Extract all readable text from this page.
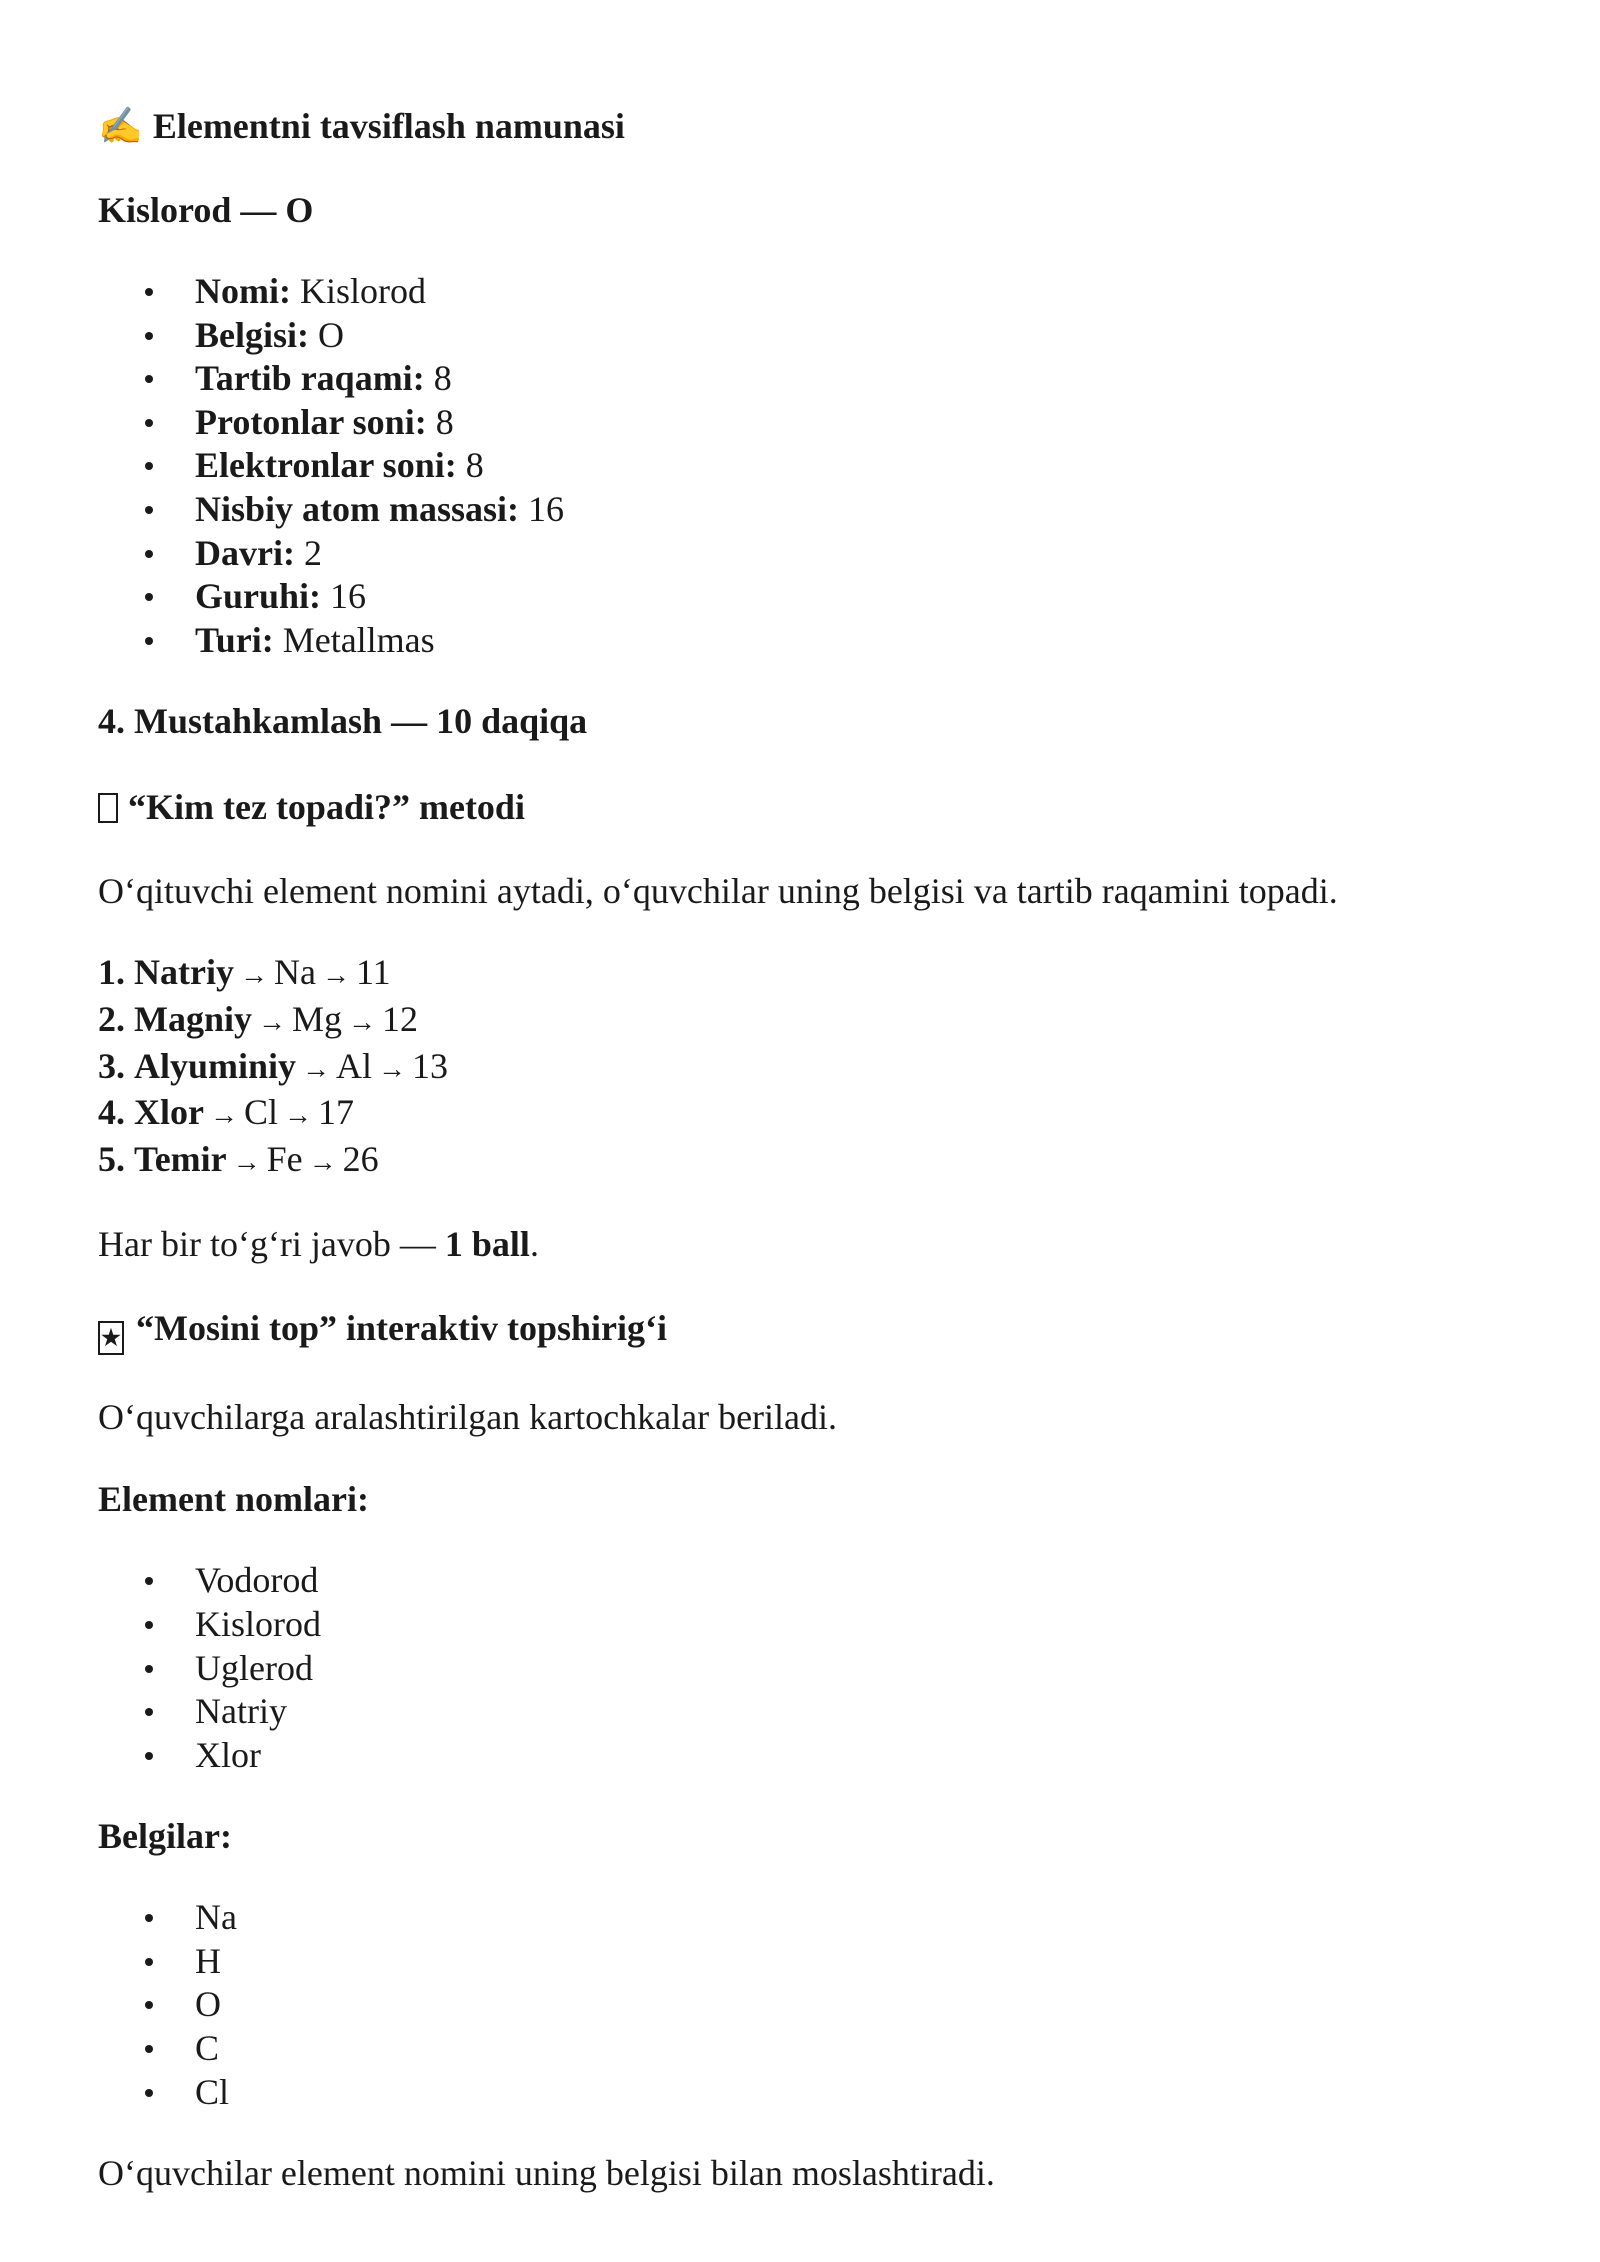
✍ Elementni tavsiflash namunasi

Kislorod — O

Nomi: Kislorod
Belgisi: O
Tartib raqami: 8
Protonlar soni: 8
Elektronlar soni: 8
Nisbiy atom massasi: 16
Davri: 2
Guruhi: 16
Turi: Metallmas

4. Mustahkamlash — 10 daqiqa

“Kim tez topadi?” metodi

O‘qituvchi element nomini aytadi, o‘quvchilar uning belgisi va tartib raqamini topadi.

1. Natriy → Na → 11
2. Magniy → Mg → 12
3. Alyuminiy → Al → 13
4. Xlor → Cl → 17
5. Temir → Fe → 26

Har bir to‘g‘ri javob — 1 ball.

★ “Mosini top” interaktiv topshirig‘i

O‘quvchilarga aralashtirilgan kartochkalar beriladi.

Element nomlari:

Vodorod
Kislorod
Uglerod
Natriy
Xlor

Belgilar:

Na
H
O
C
Cl

O‘quvchilar element nomini uning belgisi bilan moslashtiradi.
